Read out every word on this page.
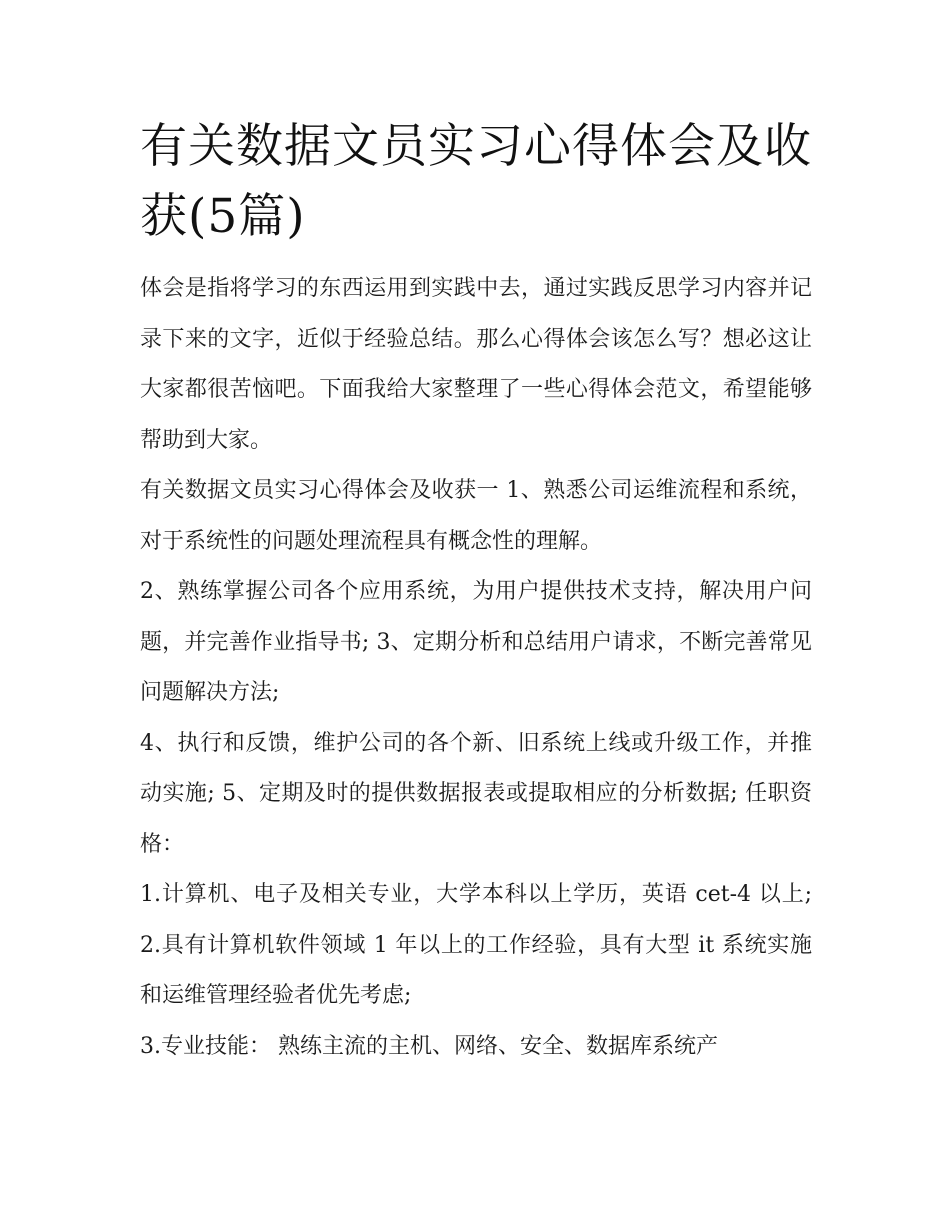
有关数据文员实习心得体会及收获(5篇)

体会是指将学习的东西运用到实践中去，通过实践反思学习内容并记录下来的文字，近似于经验总结。那么心得体会该怎么写？想必这让大家都很苦恼吧。下面我给大家整理了一些心得体会范文，希望能够帮助到大家。

有关数据文员实习心得体会及收获一 1、熟悉公司运维流程和系统，对于系统性的问题处理流程具有概念性的理解。

2、熟练掌握公司各个应用系统，为用户提供技术支持，解决用户问题，并完善作业指导书; 3、定期分析和总结用户请求，不断完善常见问题解决方法;

4、执行和反馈，维护公司的各个新、旧系统上线或升级工作，并推动实施; 5、定期及时的提供数据报表或提取相应的分析数据; 任职资格：

1.计算机、电子及相关专业，大学本科以上学历，英语 cet-4 以上; 2.具有计算机软件领域 1 年以上的工作经验，具有大型 it 系统实施和运维管理经验者优先考虑;

3.专业技能： 熟练主流的主机、网络、安全、数据库系统产
